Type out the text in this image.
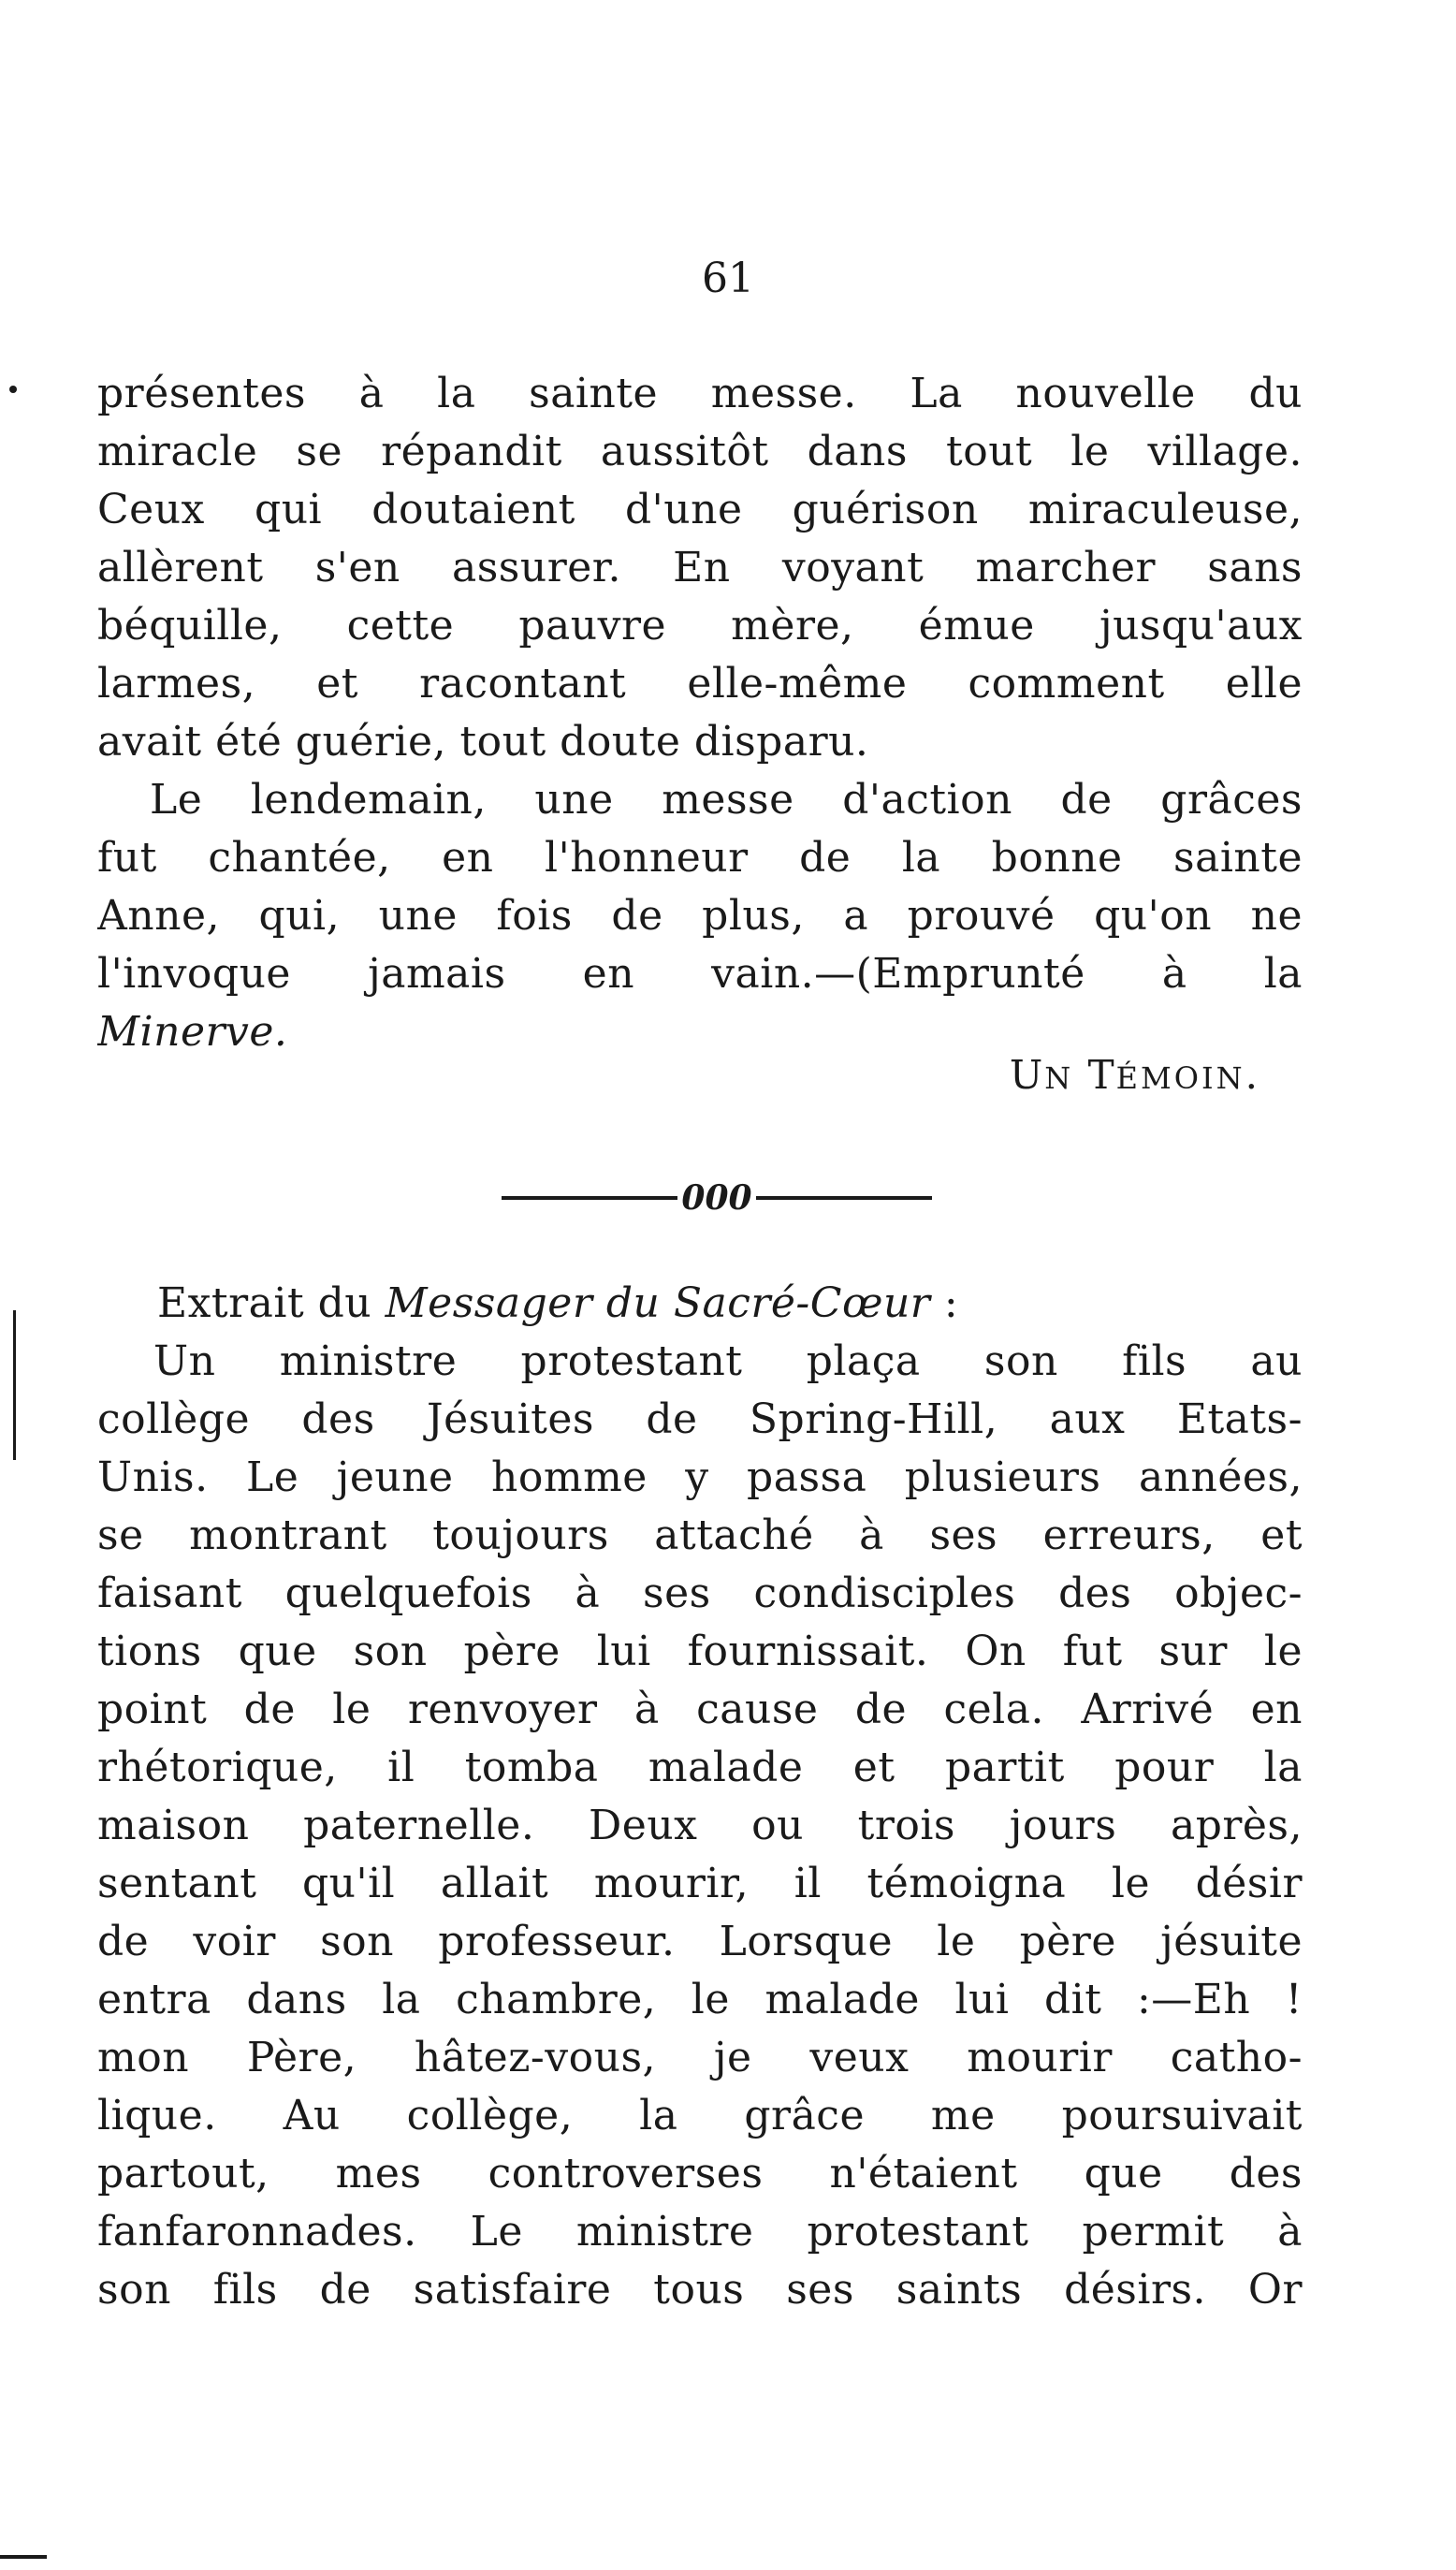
61
présentes à la sainte messe. La nouvelle du
miracle se répandit aussitôt dans tout le village.
Ceux qui doutaient d'une guérison miraculeuse,
allèrent s'en assurer. En voyant marcher sans
béquille, cette pauvre mère, émue jusqu'aux
larmes, et racontant elle-même comment elle
avait été guérie, tout doute disparu.
Le lendemain, une messe d'action de grâces
fut chantée, en l'honneur de la bonne sainte
Anne, qui, une fois de plus, a prouvé qu'on ne
l'invoque jamais en vain.—(Emprunté à la
Minerve.
UN TÉMOIN.
000
Extrait du Messager du Sacré-Cœur :
Un ministre protestant plaça son fils au
collège des Jésuites de Spring-Hill, aux Etats-
Unis. Le jeune homme y passa plusieurs années,
se montrant toujours attaché à ses erreurs, et
faisant quelquefois à ses condisciples des objec-
tions que son père lui fournissait. On fut sur le
point de le renvoyer à cause de cela. Arrivé en
rhétorique, il tomba malade et partit pour la
maison paternelle. Deux ou trois jours après,
sentant qu'il allait mourir, il témoigna le désir
de voir son professeur. Lorsque le père jésuite
entra dans la chambre, le malade lui dit :—Eh !
mon Père, hâtez-vous, je veux mourir catho-
lique. Au collège, la grâce me poursuivait
partout, mes controverses n'étaient que des
fanfaronnades. Le ministre protestant permit à
son fils de satisfaire tous ses saints désirs. Or
